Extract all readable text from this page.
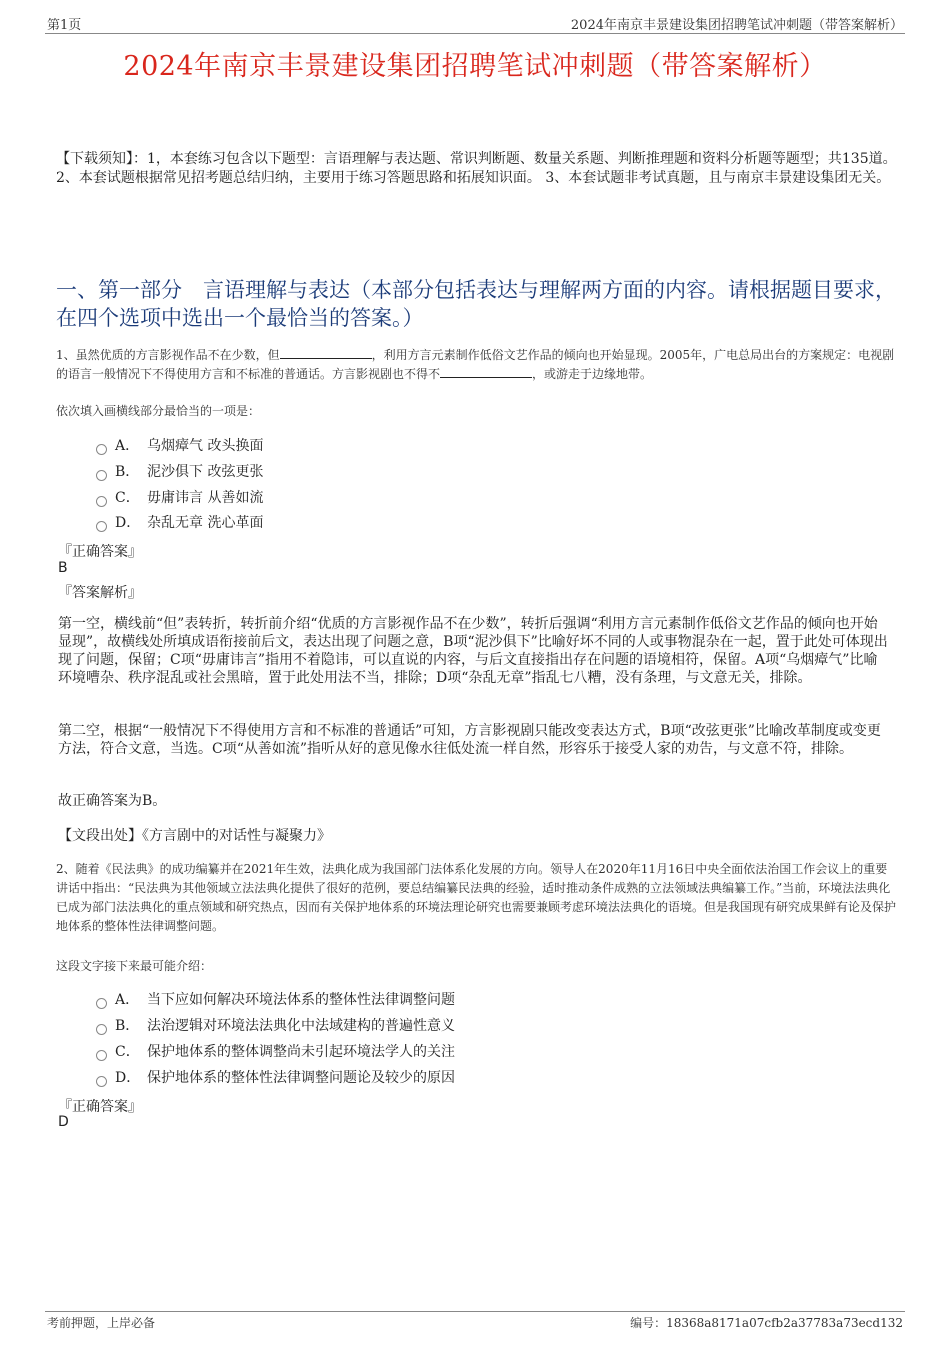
第1页	2024年南京丰景建设集团招聘笔试冲刺题（带答案解析）
2024年南京丰景建设集团招聘笔试冲刺题（带答案解析）
【下载须知】：1，本套练习包含以下题型：言语理解与表达题、常识判断题、数量关系题、判断推理题和资料分析题等题型；共135道。 2、本套试题根据常见招考题总结归纳，主要用于练习答题思路和拓展知识面。 3、本套试题非考试真题，且与南京丰景建设集团无关。
一、第一部分　言语理解与表达（本部分包括表达与理解两方面的内容。请根据题目要求，在四个选项中选出一个最恰当的答案。）
1、虽然优质的方言影视作品不在少数，但	，利用方言元素制作低俗文艺作品的倾向也开始显现。2005年，广电总局出台的方案规定：电视剧的语言一般情况下不得使用方言和不标准的普通话。方言影视剧也不得不	，或游走于边缘地带。
依次填入画横线部分最恰当的一项是：
A． 乌烟瘴气 改头换面
B． 泥沙俱下 改弦更张
C． 毋庸讳言 从善如流
D． 杂乱无章 洗心革面
『正确答案』
B
『答案解析』
第一空，横线前“但”表转折，转折前介绍“优质的方言影视作品不在少数”，转折后强调“利用方言元素制作低俗文艺作品的倾向也开始显现”，故横线处所填成语衔接前后文，表达出现了问题之意，B项“泥沙俱下”比喻好坏不同的人或事物混杂在一起，置于此处可体现出现了问题，保留；C项“毋庸讳言”指用不着隐讳，可以直说的内容，与后文直接指出存在问题的语境相符，保留。A项“乌烟瘴气”比喻环境嘈杂、秩序混乱或社会黑暗，置于此处用法不当，排除；D项“杂乱无章”指乱七八糟，没有条理，与文意无关，排除。
第二空，根据“一般情况下不得使用方言和不标准的普通话”可知，方言影视剧只能改变表达方式，B项“改弦更张”比喻改革制度或变更方法，符合文意，当选。C项“从善如流”指听从好的意见像水往低处流一样自然，形容乐于接受人家的劝告，与文意不符，排除。
故正确答案为B。
【文段出处】《方言剧中的对话性与凝聚力》
2、随着《民法典》的成功编纂并在2021年生效，法典化成为我国部门法体系化发展的方向。领导人在2020年11月16日中央全面依法治国工作会议上的重要讲话中指出：“民法典为其他领域立法法典化提供了很好的范例，要总结编纂民法典的经验，适时推动条件成熟的立法领域法典编纂工作。”当前，环境法法典化已成为部门法法典化的重点领域和研究热点，因而有关保护地体系的环境法理论研究也需要兼顾考虑环境法法典化的语境。但是我国现有研究成果鲜有论及保护地体系的整体性法律调整问题。
这段文字接下来最可能介绍：
A． 当下应如何解决环境法体系的整体性法律调整问题
B． 法治逻辑对环境法法典化中法域建构的普遍性意义
C． 保护地体系的整体调整尚未引起环境法学人的关注
D． 保护地体系的整体性法律调整问题论及较少的原因
『正确答案』
D
考前押题，上岸必备	编号：18368a8171a07cfb2a37783a73ecd132
